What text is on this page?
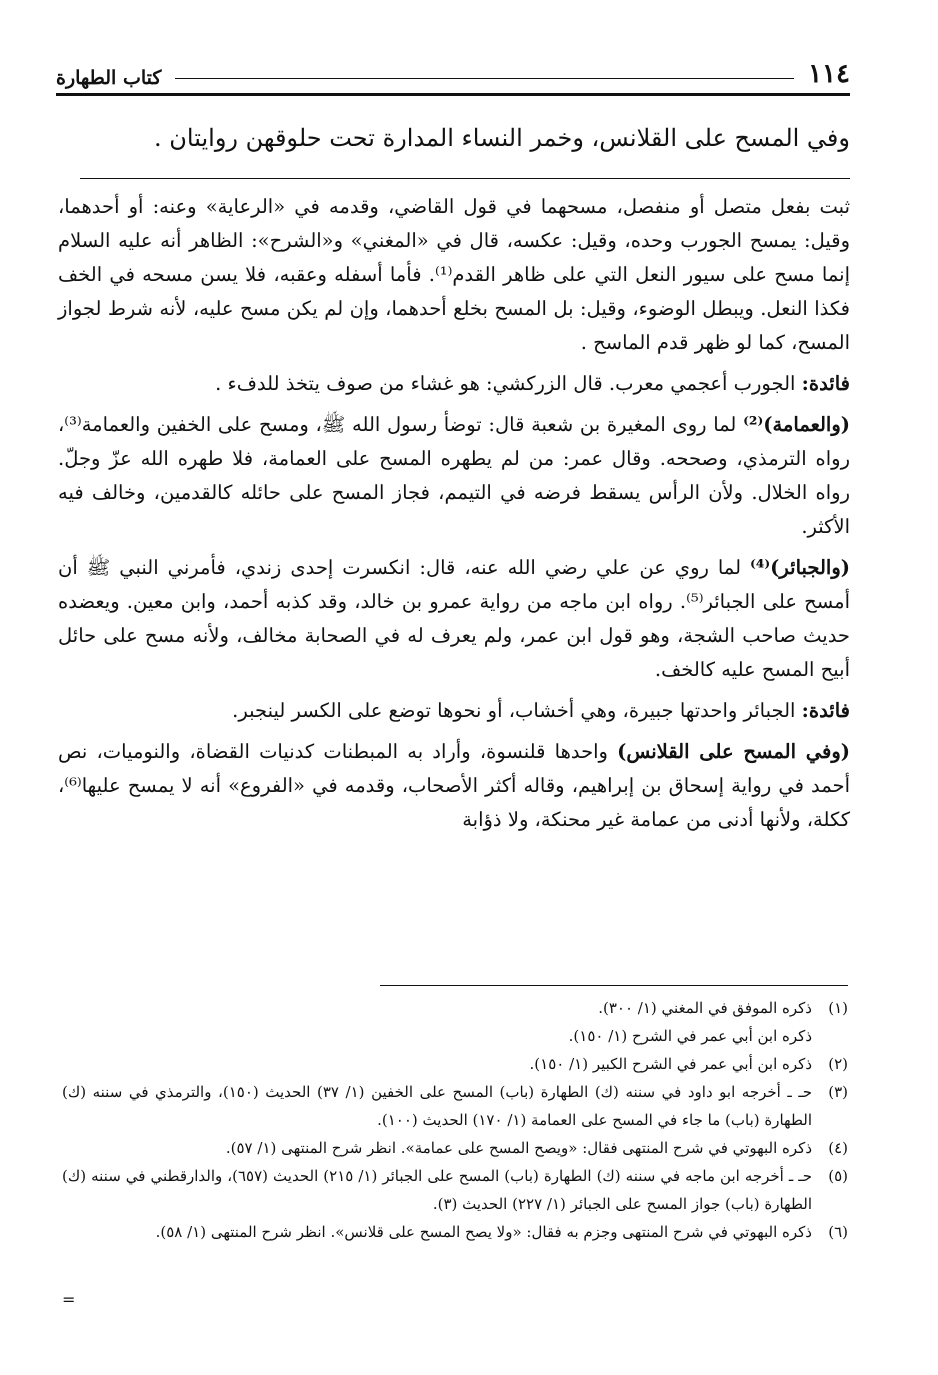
١١٤
كتاب الطهارة
وفي المسح على القلانس، وخمر النساء المدارة تحت حلوقهن روايتان .

ثبت بفعل متصل أو منفصل، مسحهما في قول القاضي، وقدمه في «الرعاية» وعنه: أو أحدهما، وقيل: يمسح الجورب وحده، وقيل: عكسه، قال في «المغني» و«الشرح»: الظاهر أنه عليه السلام إنما مسح على سيور النعل التي على ظاهر القدم⁽¹⁾. فأما أسفله وعقبه، فلا يسن مسحه في الخف فكذا النعل. ويبطل الوضوء، وقيل: بل المسح بخلع أحدهما، وإن لم يكن مسح عليه، لأنه شرط لجواز المسح، كما لو ظهر قدم الماسح .

فائدة: الجورب أعجمي معرب. قال الزركشي: هو غشاء من صوف يتخذ للدفء .

(والعمامة)⁽²⁾ لما روى المغيرة بن شعبة قال: توضأ رسول الله ﷺ، ومسح على الخفين والعمامة⁽³⁾، رواه الترمذي، وصححه. وقال عمر: من لم يطهره المسح على العمامة، فلا طهره الله عزّ وجلّ. رواه الخلال. ولأن الرأس يسقط فرضه في التيمم، فجاز المسح على حائله كالقدمين، وخالف فيه الأكثر.

(والجبائر)⁽⁴⁾ لما روي عن علي رضي الله عنه، قال: انكسرت إحدى زندي، فأمرني النبي ﷺ أن أمسح على الجبائر⁽⁵⁾. رواه ابن ماجه من رواية عمرو بن خالد، وقد كذبه أحمد، وابن معين. ويعضده حديث صاحب الشجة، وهو قول ابن عمر، ولم يعرف له في الصحابة مخالف، ولأنه مسح على حائل أبيح المسح عليه كالخف.

فائدة: الجبائر واحدتها جبيرة، وهي أخشاب، أو نحوها توضع على الكسر لينجبر.

(وفي المسح على القلانس) واحدها قلنسوة، وأراد به المبطنات كدنيات القضاة، والنوميات، نص أحمد في رواية إسحاق بن إبراهيم، وقاله أكثر الأصحاب، وقدمه في «الفروع» أنه لا يمسح عليها⁽⁶⁾، ككلة، ولأنها أدنى من عمامة غير محنكة، ولا ذؤابة

(١)
ذكره الموفق في المغني (١/ ٣٠٠).
ذكره ابن أبي عمر في الشرح (١/ ١٥٠).
(٢)
ذكره ابن أبي عمر في الشرح الكبير (١/ ١٥٠).
(٣)
حـ ـ أخرجه ابو داود في سننه (ك) الطهارة (باب) المسح على الخفين (١/ ٣٧) الحديث (١٥٠)، والترمذي في سننه (ك) الطهارة (باب) ما جاء في المسح على العمامة (١/ ١٧٠) الحديث (١٠٠).
(٤)
ذكره البهوتي في شرح المنتهى فقال: «ويصح المسح على عمامة». انظر شرح المنتهى (١/ ٥٧).
(٥)
حـ ـ أخرجه ابن ماجه في سننه (ك) الطهارة (باب) المسح على الجبائر (١/ ٢١٥) الحديث (٦٥٧)، والدارقطني في سننه (ك) الطهارة (باب) جواز المسح على الجبائر (١/ ٢٢٧) الحديث (٣).
(٦)
ذكره البهوتي في شرح المنتهى وجزم به فقال: «ولا يصح المسح على قلانس». انظر شرح المنتهى (١/ ٥٨).
=
